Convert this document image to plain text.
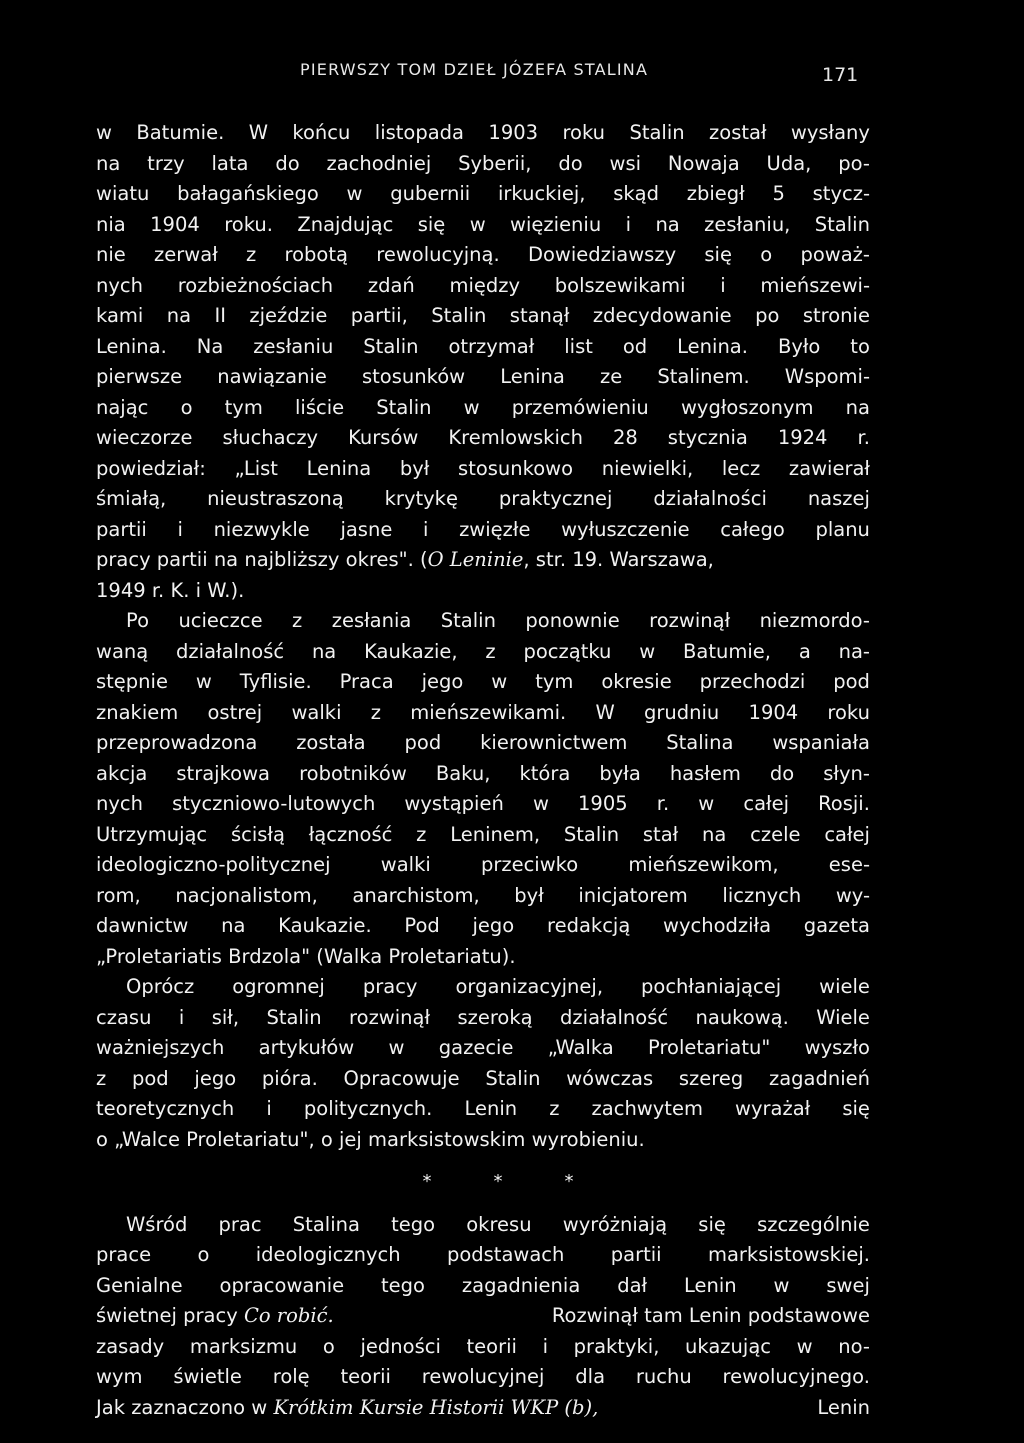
PIERWSZY TOM DZIEŁ JÓZEFA STALINA	171
w Batumie. W końcu listopada 1903 roku Stalin został wysłany
na trzy lata do zachodniej Syberii, do wsi Nowaja Uda, po-
wiatu bałagańskiego w gubernii irkuckiej, skąd zbiegł 5 stycz-
nia 1904 roku. Znajdując się w więzieniu i na zesłaniu, Stalin
nie zerwał z robotą rewolucyjną. Dowiedziawszy się o poważ-
nych rozbieżnościach zdań między bolszewikami i mieńszewi-
kami na II zjeździe partii, Stalin stanął zdecydowanie po stronie
Lenina. Na zesłaniu Stalin otrzymał list od Lenina. Było to
pierwsze nawiązanie stosunków Lenina ze Stalinem. Wspomi-
nając o tym liście Stalin w przemówieniu wygłoszonym na
wieczorze słuchaczy Kursów Kremlowskich 28 stycznia 1924 r.
powiedział: „List Lenina był stosunkowo niewielki, lecz zawierał
śmiałą, nieustraszoną krytykę praktycznej działalności naszej
partii i niezwykle jasne i zwięzłe wyłuszczenie całego planu
pracy partii na najbliższy okres". ( O Leninie , str. 19. Warszawa,
1949 r. K. i W.).
Po ucieczce z zesłania Stalin ponownie rozwinął niezmordo-
waną działalność na Kaukazie, z początku w Batumie, a na-
stępnie w Tyflisie. Praca jego w tym okresie przechodzi pod
znakiem ostrej walki z mieńszewikami. W grudniu 1904 roku
przeprowadzona została pod kierownictwem Stalina wspaniała
akcja strajkowa robotników Baku, która była hasłem do słyn-
nych styczniowo-lutowych wystąpień w 1905 r. w całej Rosji.
Utrzymując ścisłą łączność z Leninem, Stalin stał na czele całej
ideologiczno-politycznej	walki	przeciwko	mieńszewikom,	ese-
rom, nacjonalistom, anarchistom, był inicjatorem licznych wy-
dawnictw na Kaukazie. Pod jego redakcją wychodziła gazeta
„Proletariatis Brdzola" (Walka Proletariatu).
Oprócz ogromnej pracy organizacyjnej, pochłaniającej wiele
czasu i sił, Stalin rozwinął szeroką działalność naukową. Wiele
ważniejszych artykułów w gazecie „Walka Proletariatu" wyszło
z pod jego pióra. Opracowuje Stalin wówczas szereg zagadnień
teoretycznych i politycznych. Lenin z zachwytem wyrażał się
o „Walce Proletariatu", o jej marksistowskim wyrobieniu.
*	*	*
Wśród prac Stalina tego okresu wyróżniają się szczególnie
prace o ideologicznych podstawach partii marksistowskiej.
Genialne opracowanie tego zagadnienia dał Lenin w swej
świetnej pracy Co robić.	Rozwinął tam Lenin podstawowe
zasady marksizmu o jedności teorii i praktyki, ukazując w no-
wym świetle rolę teorii rewolucyjnej dla ruchu rewolucyjnego.
Jak zaznaczono w Krótkim Kursie Historii WKP (b),	Lenin
